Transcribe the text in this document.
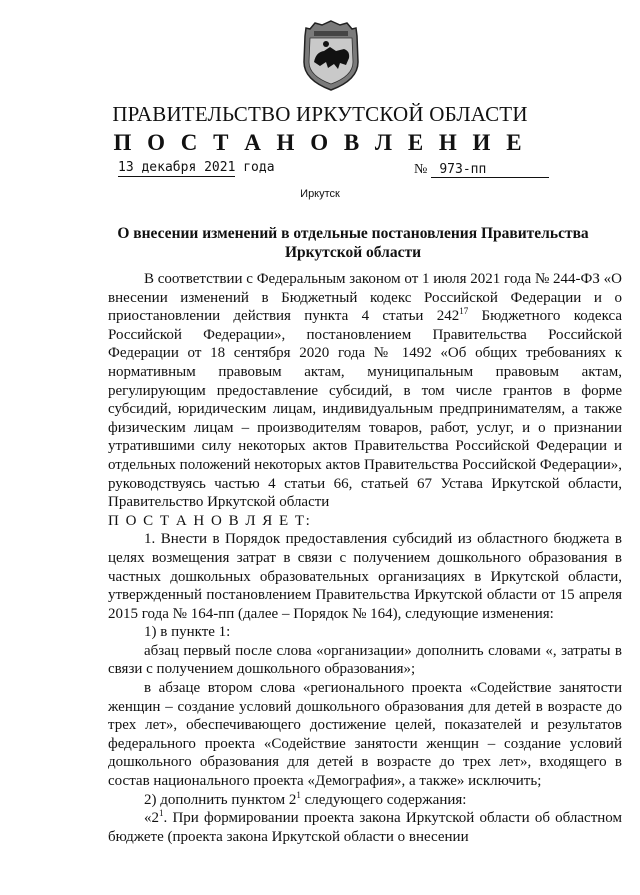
ПРАВИТЕЛЬСТВО ИРКУТСКОЙ ОБЛАСТИ
П О С Т А Н О В Л Е Н И Е
13 декабря 2021 года	№ 973-пп
Иркутск
О внесении изменений в отдельные постановления Правительства Иркутской области

В соответствии с Федеральным законом от 1 июля 2021 года № 244-ФЗ «О внесении изменений в Бюджетный кодекс Российской Федерации и о приостановлении действия пункта 4 статьи $242^{17}$ Бюджетного кодекса Российской Федерации», постановлением Правительства Российской Федерации от 18 сентября 2020 года № 1492 «Об общих требованиях к нормативным правовым актам, муниципальным правовым актам, регулирующим предоставление субсидий, в том числе грантов в форме субсидий, юридическим лицам, индивидуальным предпринимателям, а также физическим лицам – производителям товаров, работ, услуг, и о признании утратившими силу некоторых актов Правительства Российской Федерации и отдельных положений некоторых актов Правительства Российской Федерации», руководствуясь частью 4 статьи 66, статьей 67 Устава Иркутской области, Правительство Иркутской области

П О С Т А Н О В Л Я Е Т:

1. Внести в Порядок предоставления субсидий из областного бюджета в целях возмещения затрат в связи с получением дошкольного образования в частных дошкольных образовательных организациях в Иркутской области, утвержденный постановлением Правительства Иркутской области от 15 апреля 2015 года № 164-пп (далее – Порядок № 164), следующие изменения:

1) в пункте 1:

абзац первый после слова «организации» дополнить словами «, затраты в связи с получением дошкольного образования»;

в абзаце втором слова «регионального проекта «Содействие занятости женщин – создание условий дошкольного образования для детей в возрасте до трех лет», обеспечивающего достижение целей, показателей и результатов федерального проекта «Содействие занятости женщин – создание условий дошкольного образования для детей в возрасте до трех лет», входящего в состав национального проекта «Демография», а также» исключить;

2) дополнить пунктом $2^1$ следующего содержания:

«$2^1$. При формировании проекта закона Иркутской области об областном бюджете (проекта закона Иркутской области о внесении
